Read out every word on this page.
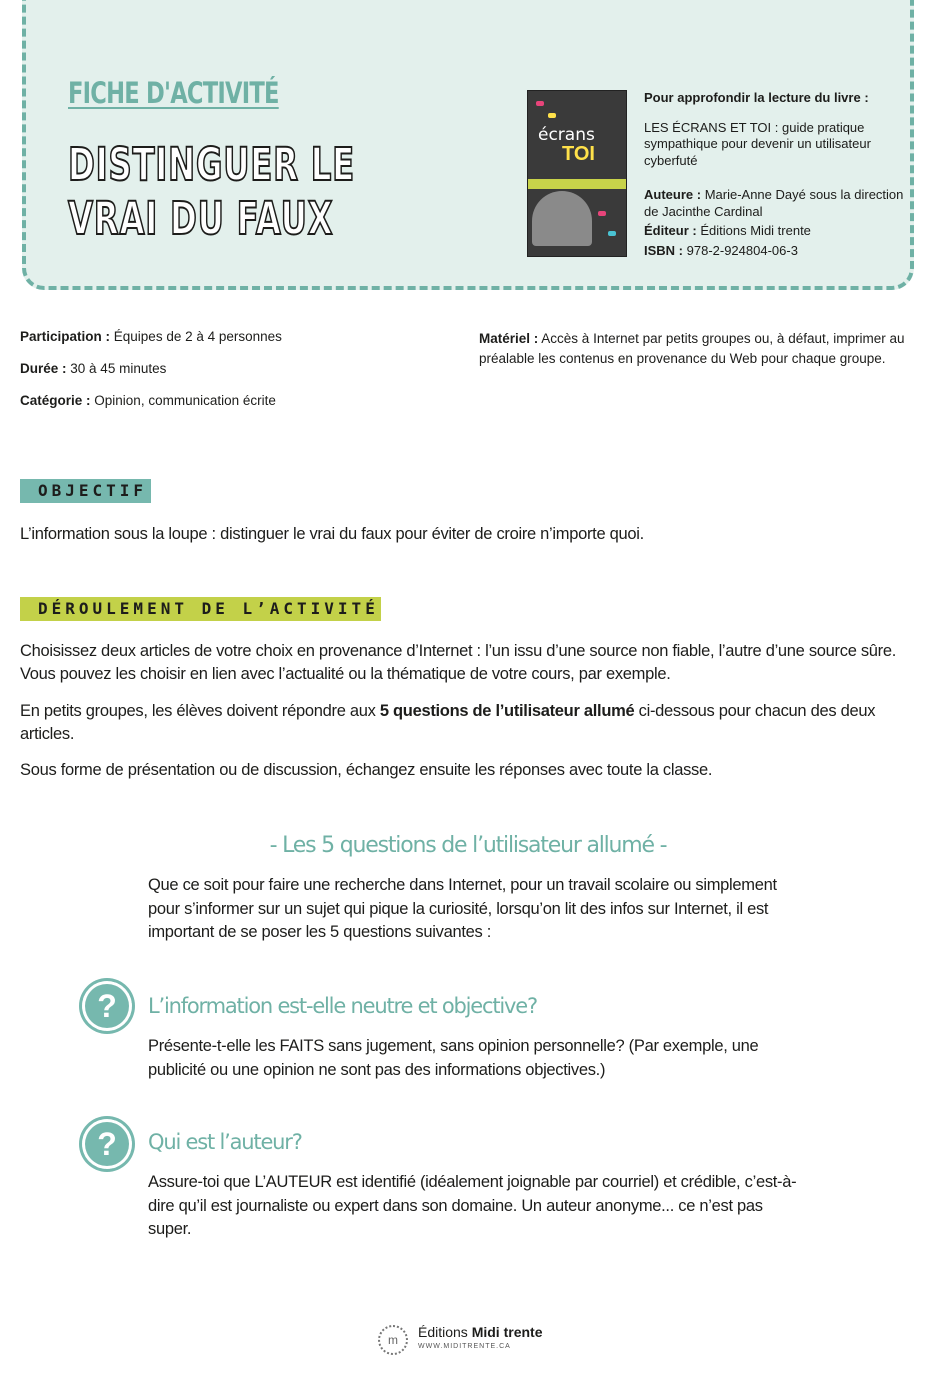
FICHE D'ACTIVITÉ
DISTINGUER LE
VRAI DU FAUX
écrans
TOI

Pour approfondir la lecture du livre :

LES ÉCRANS ET TOI : guide pratique sympathique pour devenir un utilisateur cyberfuté

Auteure : Marie-Anne Dayé sous la direction de Jacinthe Cardinal

Éditeur : Éditions Midi trente

ISBN : 978-2-924804-06-3

Participation : Équipes de 2 à 4 personnes
Durée : 30 à 45 minutes
Catégorie : Opinion, communication écrite
Matériel : Accès à Internet par petits groupes ou, à défaut, imprimer au préalable les contenus en provenance du Web pour chaque groupe.
OBJECTIF
L’information sous la loupe : distinguer le vrai du faux pour éviter de croire n’importe quoi.
DÉROULEMENT DE L’ACTIVITÉ
Choisissez deux articles de votre choix en provenance d’Internet : l’un issu d’une source non fiable, l’autre d’une source sûre. Vous pouvez les choisir en lien avec l’actualité ou la thématique de votre cours, par exemple.
En petits groupes, les élèves doivent répondre aux 5 questions de l’utilisateur allumé ci-dessous pour chacun des deux articles.
Sous forme de présentation ou de discussion, échangez ensuite les réponses avec toute la classe.
- Les 5 questions de l’utilisateur allumé -
Que ce soit pour faire une recherche dans Internet, pour un travail scolaire ou simplement pour s’informer sur un sujet qui pique la curiosité, lorsqu’on lit des infos sur Internet, il est important de se poser les 5 questions suivantes :
?	L’information est-elle neutre et objective?
Présente-t-elle les FAITS sans jugement, sans opinion personnelle? (Par exemple, une publicité ou une opinion ne sont pas des informations objectives.)
?	Qui est l’auteur?
Assure-toi que L’AUTEUR est identifié (idéalement joignable par courriel) et crédible, c’est-à-dire qu’il est journaliste ou expert dans son domaine. Un auteur anonyme... ce n’est pas super.
m	Éditions Midi trente
WWW.MIDITRENTE.CA
